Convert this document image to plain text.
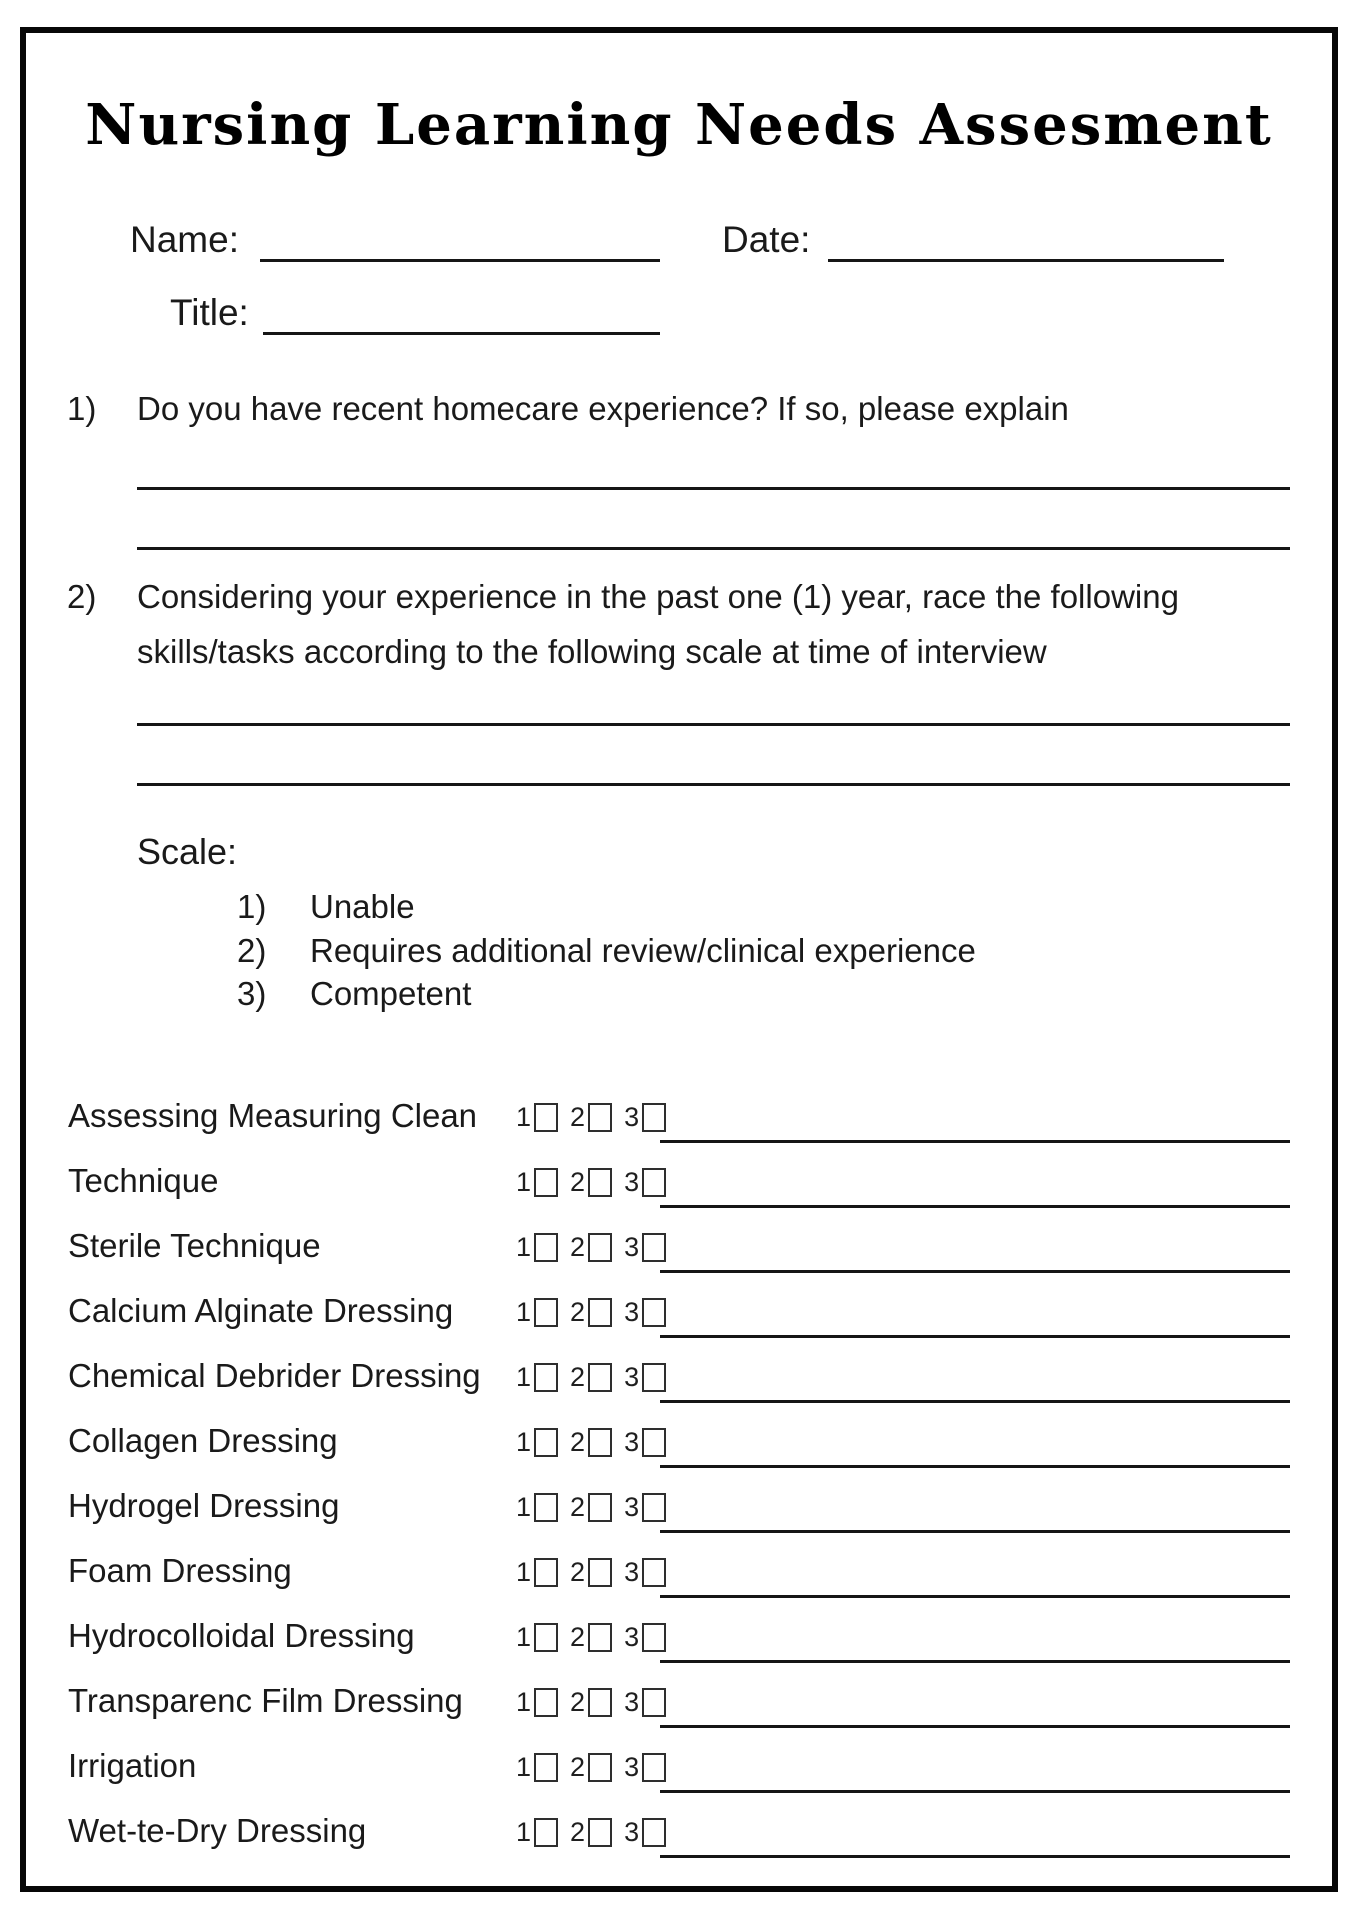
Nursing Learning Needs Assesment
Name:	Date:
Title:
1) Do you have recent homecare experience? If so, please explain
2) Considering your experience in the past one (1) year, race the following
skills/tasks according to the following scale at time of interview
Scale:
1) Unable
2) Requires additional review/clinical experience
3) Competent
Assessing Measuring Clean 1 2 3
Technique	1 2 3
Sterile Technique	1 2 3
Calcium Alginate Dressing 1 2 3
Chemical Debrider Dressing 1 2 3
Collagen Dressing	1 2 3
Hydrogel Dressing	1 2 3
Foam Dressing	1 2 3
Hydrocolloidal Dressing	1 2 3
Transparenc Film Dressing 1 2 3
Irrigation	1 2 3
Wet-te-Dry Dressing	1 2 3
